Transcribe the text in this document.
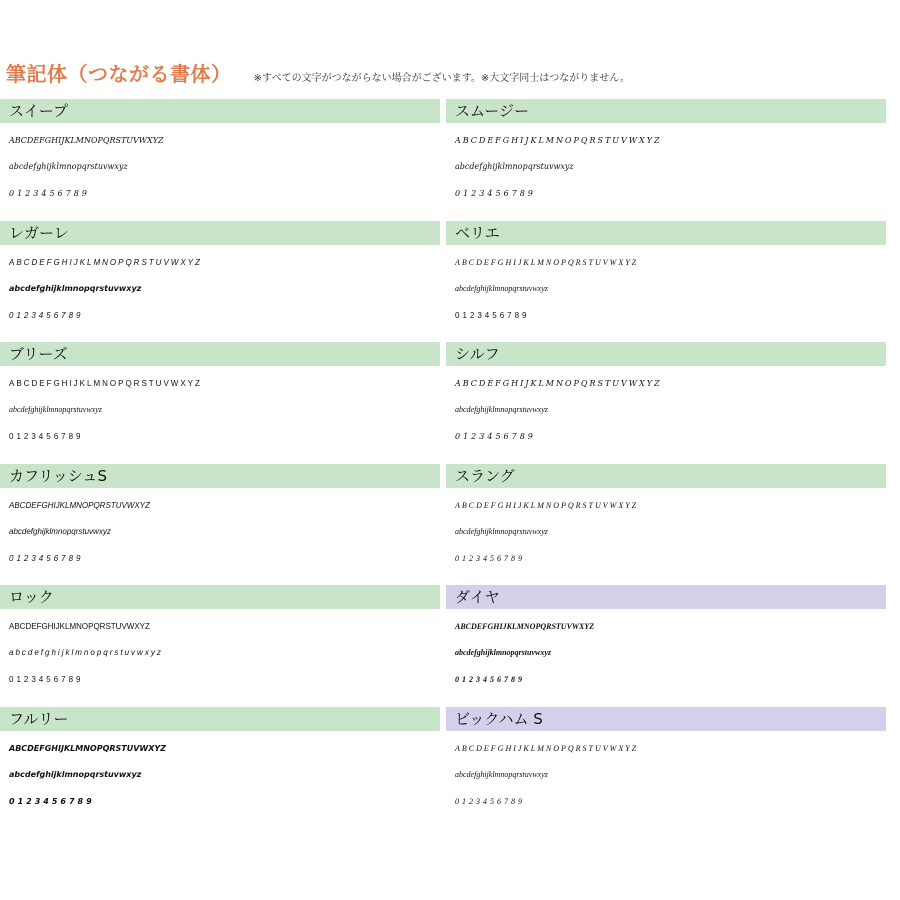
筆記体（つながる書体） ※すべての文字がつながらない場合がございます。※大文字同士はつながりません。
スイープ
ABCDEFGHIJKLMNOPQRSTUVWXYZ
abcdefghijklmnopqrstuvwxyz
0123456789
スムージー
ABCDEFGHIJKLMNOPQRSTUVWXYZ
abcdefghijklmnopqrstuvwxyz
0123456789
レガーレ
ABCDEFGHIJKLMNOPQRSTUVWXYZ
abcdefghijklmnopqrstuvwxyz
0123456789
ベリエ
ABCDEFGHIJKLMNOPQRSTUVWXYZ
abcdefghijklmnopqrstuvwxyz
0123456789
ブリーズ
ABCDEFGHIJKLMNOPQRSTUVWXYZ
abcdefghijklmnopqrstuvwxyz
0123456789
シルフ
ABCDEFGHIJKLMNOPQRSTUVWXYZ
abcdefghijklmnopqrstuvwxyz
0123456789
カフリッシュS
ABCDEFGHIJKLMNOPQRSTUVWXYZ
abcdefghijklmnopqrstuvwxyz
0123456789
スラング
ABCDEFGHIJKLMNOPQRSTUVWXYZ
abcdefghijklmnopqrstuvwxyz
0123456789
ロック
ABCDEFGHIJKLMNOPQRSTUVWXYZ
abcdefghijklmnopqrstuvwxyz
0123456789
ダイヤ
ABCDEFGHIJKLMNOPQRSTUVWXYZ
abcdefghijklmnopqrstuvwxyz
0123456789
フルリー
ABCDEFGHIJKLMNOPQRSTUVWXYZ
abcdefghijklmnopqrstuvwxyz
0123456789
ビックハム S
ABCDEFGHIJKLMNOPQRSTUVWXYZ
abcdefghijklmnopqrstuvwxyz
0123456789
